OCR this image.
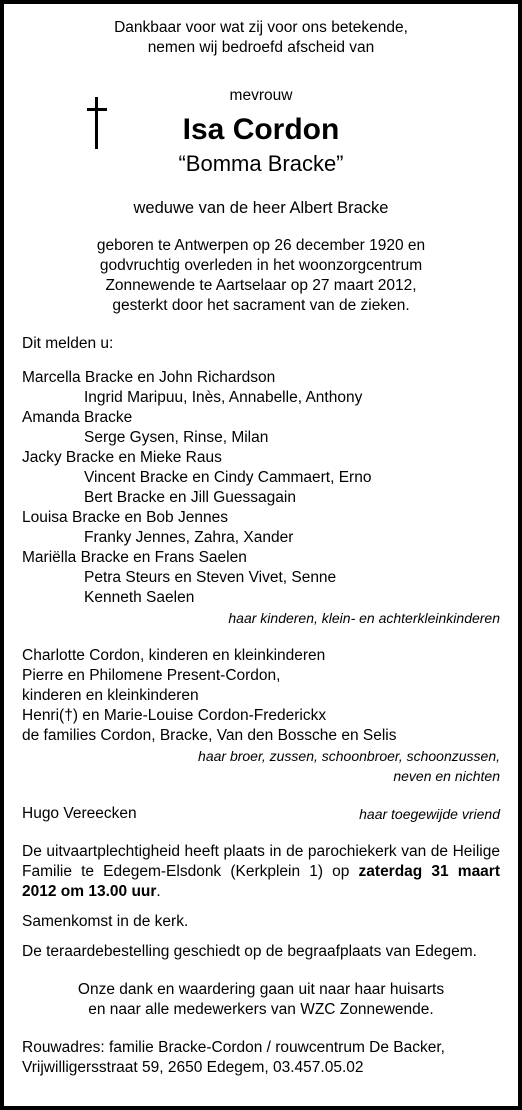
Dankbaar voor wat zij voor ons betekende,

nemen wij bedroefd afscheid van

mevrouw

Isa Cordon

“Bomma Bracke”

weduwe van de heer Albert Bracke

geboren te Antwerpen op 26 december 1920 en

godvruchtig overleden in het woonzorgcentrum

Zonnewende te Aartselaar op 27 maart 2012,

gesterkt door het sacrament van de zieken.

Dit melden u:

Marcella Bracke en John Richardson

Ingrid Maripuu, Inès, Annabelle, Anthony

Amanda Bracke

Serge Gysen, Rinse, Milan

Jacky Bracke en Mieke Raus

Vincent Bracke en Cindy Cammaert, Erno

Bert Bracke en Jill Guessagain

Louisa Bracke en Bob Jennes

Franky Jennes, Zahra, Xander

Mariëlla Bracke en Frans Saelen

Petra Steurs en Steven Vivet, Senne

Kenneth Saelen

haar kinderen, klein- en achterkleinkinderen

Charlotte Cordon, kinderen en kleinkinderen

Pierre en Philomene Present-Cordon,

kinderen en kleinkinderen

Henri(†) en Marie-Louise Cordon-Frederickx

de families Cordon, Bracke, Van den Bossche en Selis

haar broer, zussen, schoonbroer, schoonzussen,

neven en nichten

Hugo Vereecken	haar toegewijde vriend

De uitvaartplechtigheid heeft plaats in de parochiekerk van de Heilige Familie te Edegem-Elsdonk (Kerkplein 1) op zaterdag 31 maart 2012 om 13.00 uur.

Samenkomst in de kerk.

De teraardebestelling geschiedt op de begraafplaats van Edegem.

Onze dank en waardering gaan uit naar haar huisarts

en naar alle medewerkers van WZC Zonnewende.

Rouwadres: familie Bracke-Cordon / rouwcentrum De Backer,

Vrijwilligersstraat 59, 2650 Edegem, 03.457.05.02
